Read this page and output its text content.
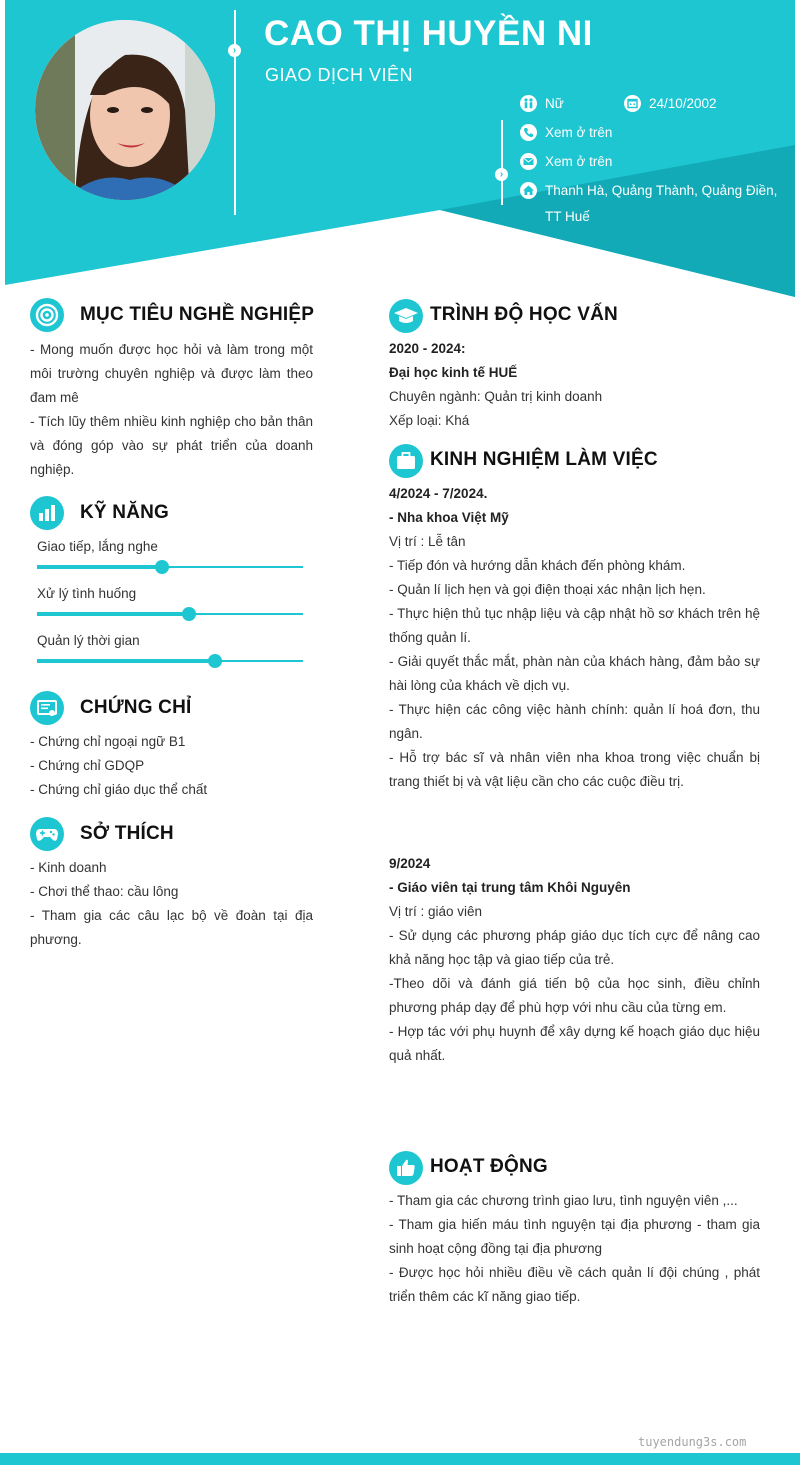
› CAO THỊ HUYỀN NI
GIAO DỊCH VIÊN
›
Nữ	24/10/2002
Xem ở trên
Xem ở trên
Thanh Hà, Quảng Thành, Quảng Điền,
TT Huế
MỤC TIÊU NGHỀ NGHIỆP
- Mong muốn được học hỏi và làm trong một môi trường chuyên nghiệp và được làm theo đam mê
- Tích lũy thêm nhiều kinh nghiệp cho bản thân và đóng góp vào sự phát triển của doanh nghiệp.
KỸ NĂNG
Giao tiếp, lắng nghe
Xử lý tình huống
Quản lý thời gian
CHỨNG CHỈ
- Chứng chỉ ngoại ngữ B1
- Chứng chỉ GDQP
- Chứng chỉ giáo dục thể chất
SỞ THÍCH
- Kinh doanh
- Chơi thể thao: cầu lông
- Tham gia các câu lạc bộ về đoàn tại địa phương.
TRÌNH ĐỘ HỌC VẤN
2020 - 2024:
Đại học kinh tế HUẾ
Chuyên ngành: Quản trị kinh doanh
Xếp loại: Khá
KINH NGHIỆM LÀM VIỆC
4/2024 - 7/2024.
- Nha khoa Việt Mỹ
Vị trí : Lễ tân
- Tiếp đón và hướng dẫn khách đến phòng khám.
- Quản lí lịch hẹn và gọi điện thoại xác nhận lịch hẹn.
- Thực hiện thủ tục nhập liệu và cập nhật hồ sơ khách trên hệ thống quản lí.
- Giải quyết thắc mắt, phàn nàn của khách hàng, đảm bảo sự hài lòng của khách về dịch vụ.
- Thực hiện các công việc hành chính: quản lí hoá đơn, thu ngân.
- Hỗ trợ bác sĩ và nhân viên nha khoa trong việc chuẩn bị trang thiết bị và vật liệu cần cho các cuộc điều trị.
9/2024
- Giáo viên tại trung tâm Khôi Nguyên
Vị trí : giáo viên
- Sử dụng các phương pháp giáo dục tích cực để nâng cao khả năng học tập và giao tiếp của trẻ.
-Theo dõi và đánh giá tiến bộ của học sinh, điều chỉnh phương pháp dạy để phù hợp với nhu cầu của từng em.
- Hợp tác với phụ huynh để xây dựng kế hoạch giáo dục hiệu quả nhất.
HOẠT ĐỘNG
- Tham gia các chương trình giao lưu, tình nguyện viên ,...
- Tham gia hiến máu tình nguyện tại địa phương - tham gia sinh hoạt cộng đồng tại địa phương
- Được học hỏi nhiều điều về cách quản lí đội chúng , phát triển thêm các kĩ năng giao tiếp.
tuyendung3s.com
